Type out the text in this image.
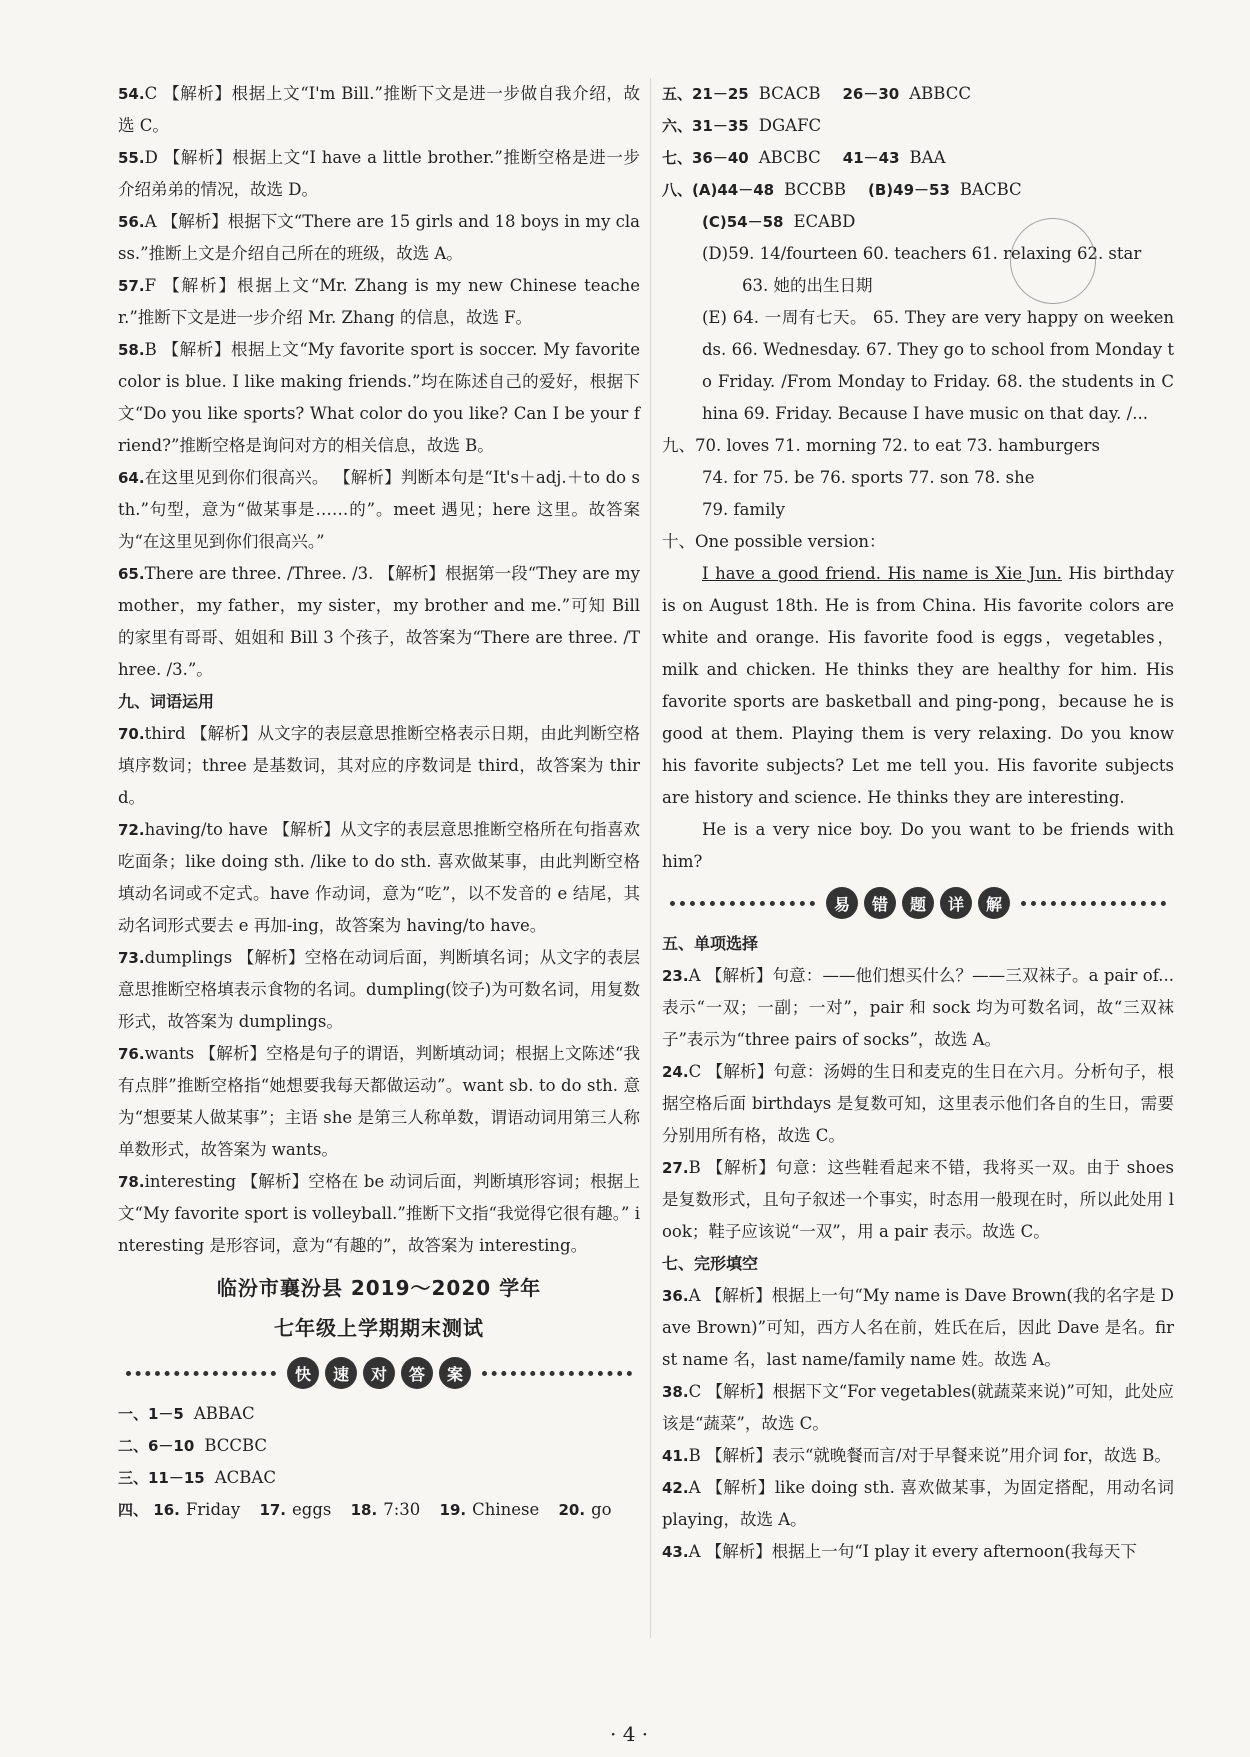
54.C 【解析】根据上文“I'm Bill.”推断下文是进一步做自我介绍，故选 C。

55.D 【解析】根据上文“I have a little brother.”推断空格是进一步介绍弟弟的情况，故选 D。

56.A 【解析】根据下文“There are 15 girls and 18 boys in my class.”推断上文是介绍自己所在的班级，故选 A。

57.F 【解析】根据上文“Mr. Zhang is my new Chinese teacher.”推断下文是进一步介绍 Mr. Zhang 的信息，故选 F。

58.B 【解析】根据上文“My favorite sport is soccer. My favorite color is blue. I like making friends.”均在陈述自己的爱好，根据下文“Do you like sports? What color do you like? Can I be your friend?”推断空格是询问对方的相关信息，故选 B。

64.在这里见到你们很高兴。 【解析】判断本句是“It's＋adj.＋to do sth.”句型，意为“做某事是……的”。meet 遇见；here 这里。故答案为“在这里见到你们很高兴。”

65.There are three. /Three. /3. 【解析】根据第一段“They are my mother，my father，my sister，my brother and me.”可知 Bill 的家里有哥哥、姐姐和 Bill 3 个孩子，故答案为“There are three. /Three. /3.”。

九、词语运用

70.third 【解析】从文字的表层意思推断空格表示日期，由此判断空格填序数词；three 是基数词，其对应的序数词是 third，故答案为 third。

72.having/to have 【解析】从文字的表层意思推断空格所在句指喜欢吃面条；like doing sth. /like to do sth. 喜欢做某事，由此判断空格填动名词或不定式。have 作动词，意为“吃”，以不发音的 e 结尾，其动名词形式要去 e 再加-ing，故答案为 having/to have。

73.dumplings 【解析】空格在动词后面，判断填名词；从文字的表层意思推断空格填表示食物的名词。dumpling(饺子)为可数名词，用复数形式，故答案为 dumplings。

76.wants 【解析】空格是句子的谓语，判断填动词；根据上文陈述“我有点胖”推断空格指“她想要我每天都做运动”。want sb. to do sth. 意为“想要某人做某事”；主语 she 是第三人称单数，谓语动词用第三人称单数形式，故答案为 wants。

78.interesting 【解析】空格在 be 动词后面，判断填形容词；根据上文“My favorite sport is volleyball.”推断下文指“我觉得它很有趣。” interesting 是形容词，意为“有趣的”，故答案为 interesting。

临汾市襄汾县 2019～2020 学年

七年级上学期期末测试

快	速	对	答	案

一、1－5 ABBAC

二、6－10 BCCBC

三、11－15 ACBAC

四、 16. Friday 17. eggs 18. 7:30 19. Chinese 20. go

五、21－25 BCACB 26－30 ABBCC

六、31－35 DGAFC

七、36－40 ABCBC 41－43 BAA

八、(A)44－48 BCCBB (B)49－53 BACBC

(C)54－58 ECABD

(D)59. 14/fourteen 60. teachers 61. relaxing 62. star

63. 她的出生日期

(E) 64. 一周有七天。 65. They are very happy on weekends. 66. Wednesday. 67. They go to school from Monday to Friday. /From Monday to Friday. 68. the students in China 69. Friday. Because I have music on that day. /...

九、70. loves 71. morning 72. to eat 73. hamburgers

74. for 75. be 76. sports 77. son 78. she

79. family

十、One possible version：

I have a good friend. His name is Xie Jun. His birthday is on August 18th. He is from China. His favorite colors are white and orange. His favorite food is eggs，vegetables，milk and chicken. He thinks they are healthy for him. His favorite sports are basketball and ping-pong，because he is good at them. Playing them is very relaxing. Do you know his favorite subjects? Let me tell you. His favorite subjects are history and science. He thinks they are interesting.
He is a very nice boy. Do you want to be friends with him?
易	错	题	详	解

五、单项选择

23.A 【解析】句意：——他们想买什么？——三双袜子。a pair of... 表示“一双；一副；一对”，pair 和 sock 均为可数名词，故“三双袜子”表示为“three pairs of socks”，故选 A。

24.C 【解析】句意：汤姆的生日和麦克的生日在六月。分析句子，根据空格后面 birthdays 是复数可知，这里表示他们各自的生日，需要分别用所有格，故选 C。

27.B 【解析】句意：这些鞋看起来不错，我将买一双。由于 shoes 是复数形式，且句子叙述一个事实，时态用一般现在时，所以此处用 look；鞋子应该说“一双”，用 a pair 表示。故选 C。

七、完形填空

36.A 【解析】根据上一句“My name is Dave Brown(我的名字是 Dave Brown)”可知，西方人名在前，姓氏在后，因此 Dave 是名。first name 名，last name/family name 姓。故选 A。

38.C 【解析】根据下文“For vegetables(就蔬菜来说)”可知，此处应该是“蔬菜”，故选 C。

41.B 【解析】表示“就晚餐而言/对于早餐来说”用介词 for，故选 B。

42.A 【解析】like doing sth. 喜欢做某事，为固定搭配，用动名词 playing，故选 A。

43.A 【解析】根据上一句“I play it every afternoon(我每天下

· 4 ·
